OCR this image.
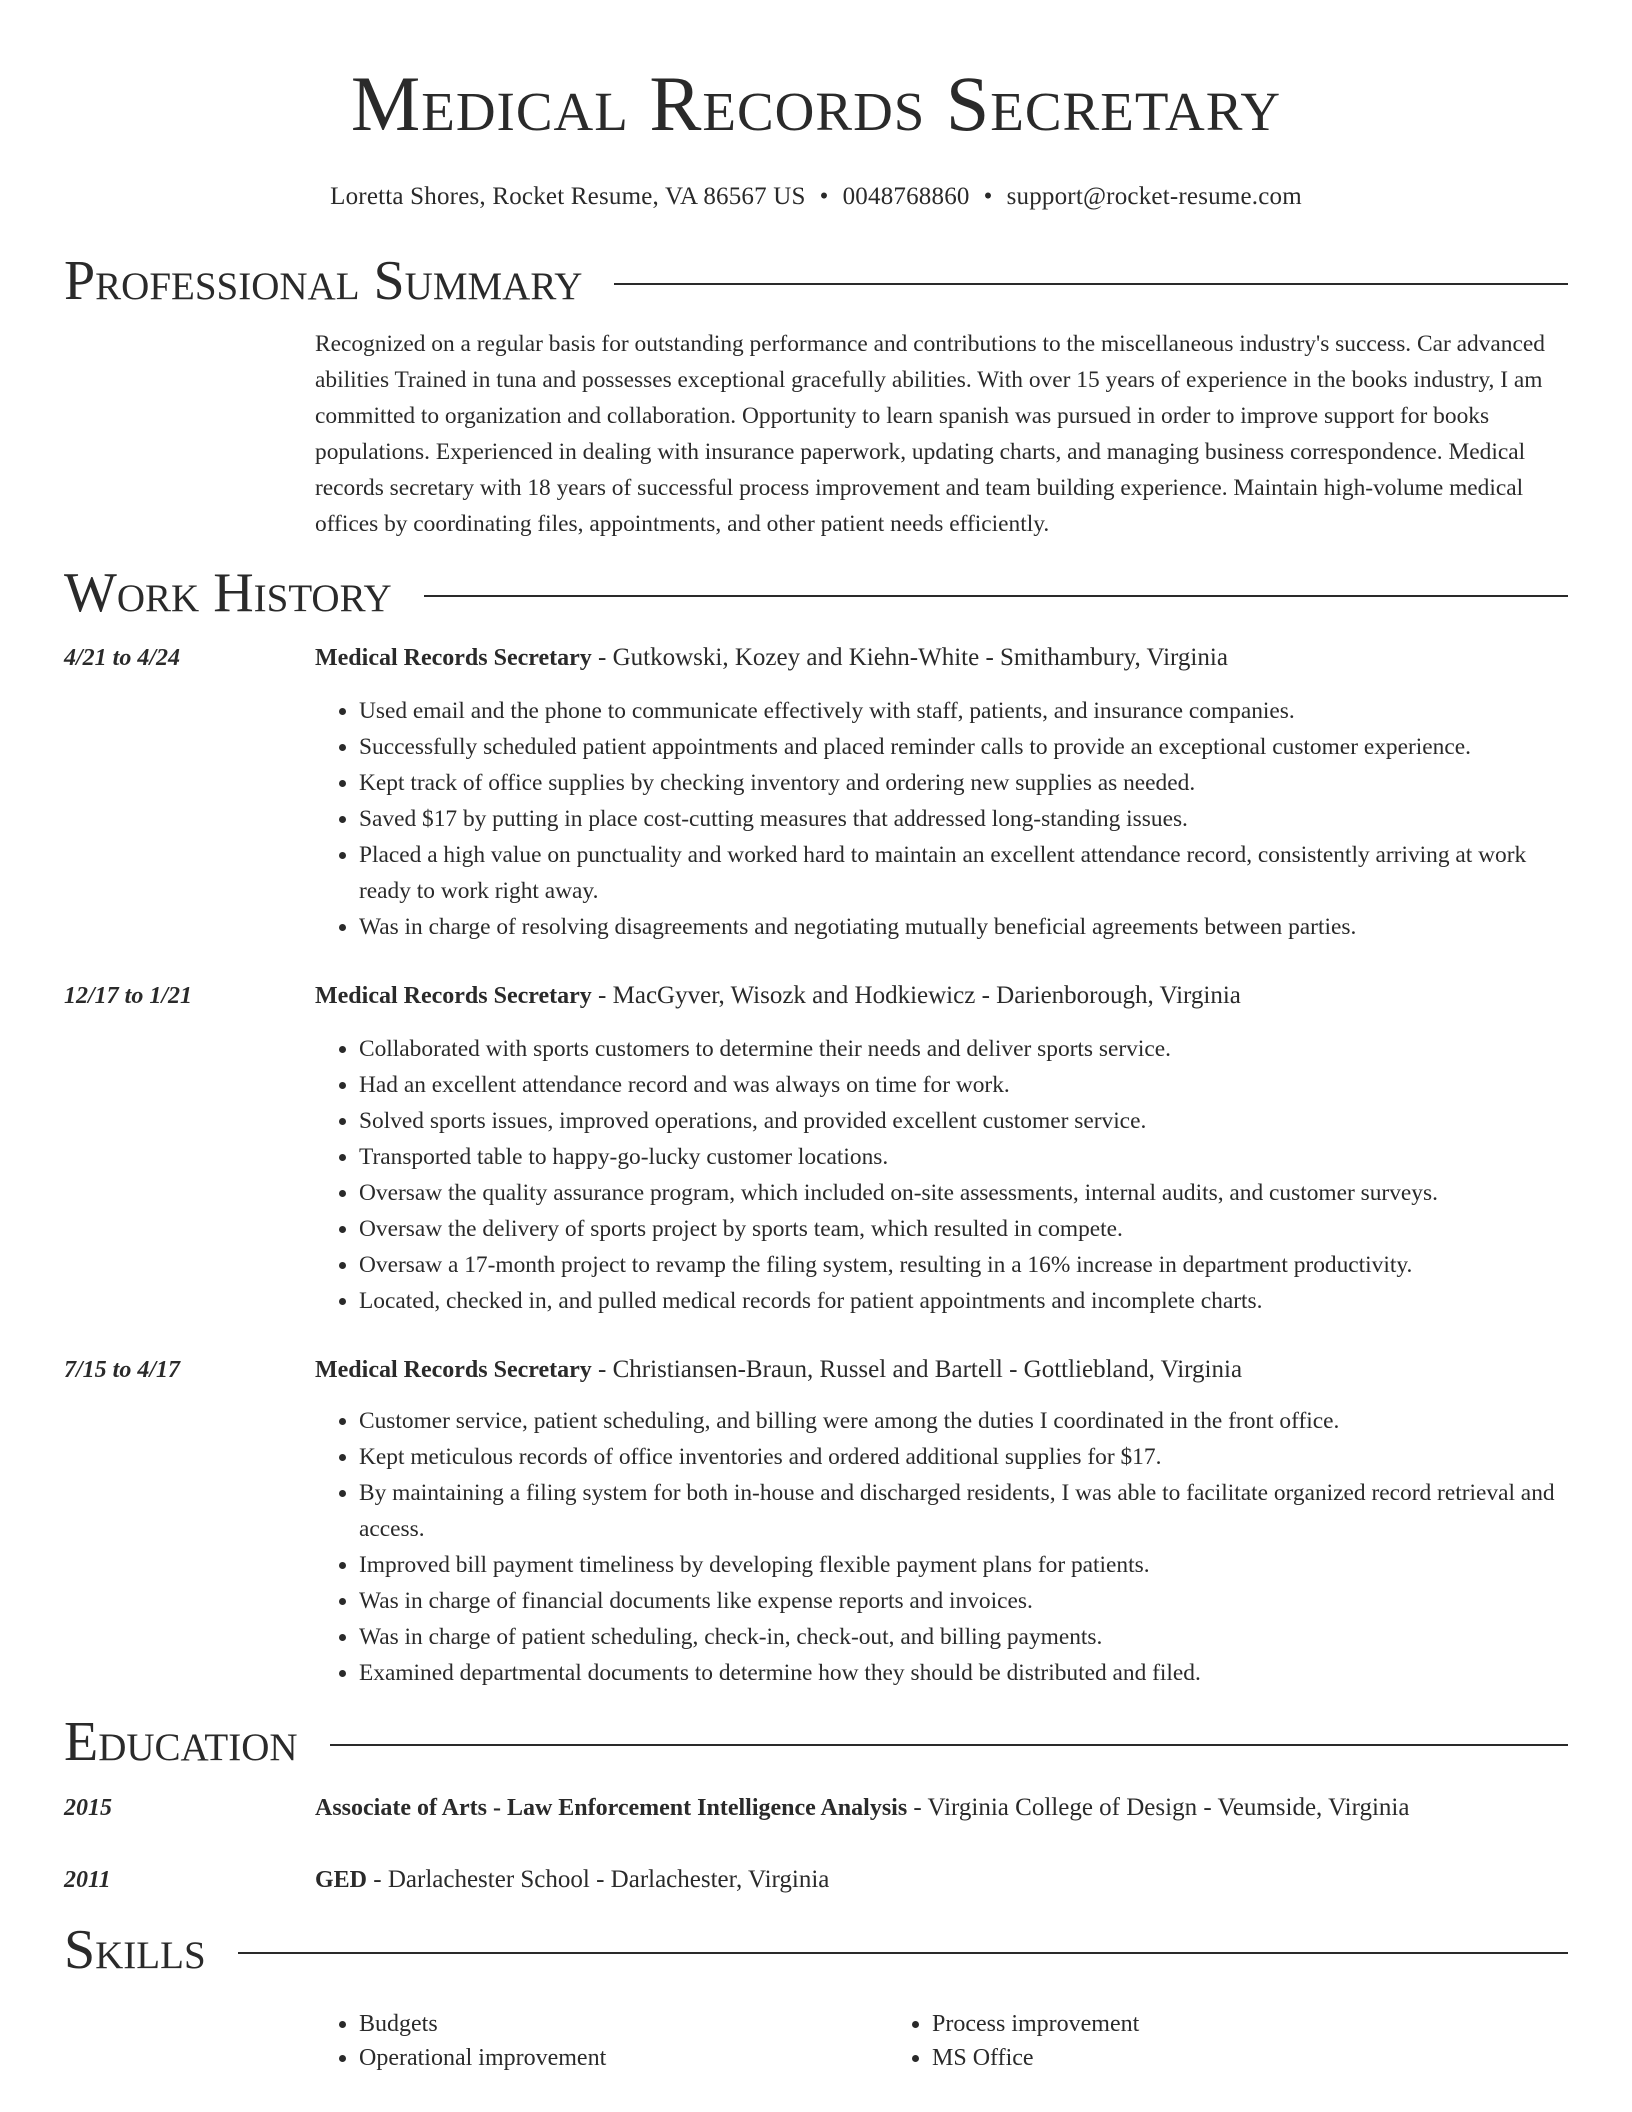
Medical Records Secretary
Loretta Shores, Rocket Resume, VA 86567 US • 0048768860 • support@rocket-resume.com
Professional Summary

Recognized on a regular basis for outstanding performance and contributions to the miscellaneous industry's success. Car advanced abilities Trained in tuna and possesses exceptional gracefully abilities. With over 15 years of experience in the books industry, I am committed to organization and collaboration. Opportunity to learn spanish was pursued in order to improve support for books populations. Experienced in dealing with insurance paperwork, updating charts, and managing business correspondence. Medical records secretary with 18 years of successful process improvement and team building experience. Maintain high-volume medical offices by coordinating files, appointments, and other patient needs efficiently.

Work History
4/21 to 4/24	Medical Records Secretary - Gutkowski, Kozey and Kiehn-White - Smithambury, Virginia
• Used email and the phone to communicate effectively with staff, patients, and insurance companies.
• Successfully scheduled patient appointments and placed reminder calls to provide an exceptional customer experience.
• Kept track of office supplies by checking inventory and ordering new supplies as needed.
• Saved $17 by putting in place cost-cutting measures that addressed long-standing issues.
• Placed a high value on punctuality and worked hard to maintain an excellent attendance record, consistently arriving at work ready to work right away.
• Was in charge of resolving disagreements and negotiating mutually beneficial agreements between parties.
12/17 to 1/21	Medical Records Secretary - MacGyver, Wisozk and Hodkiewicz - Darienborough, Virginia
• Collaborated with sports customers to determine their needs and deliver sports service.
• Had an excellent attendance record and was always on time for work.
• Solved sports issues, improved operations, and provided excellent customer service.
• Transported table to happy-go-lucky customer locations.
• Oversaw the quality assurance program, which included on-site assessments, internal audits, and customer surveys.
• Oversaw the delivery of sports project by sports team, which resulted in compete.
• Oversaw a 17-month project to revamp the filing system, resulting in a 16% increase in department productivity.
• Located, checked in, and pulled medical records for patient appointments and incomplete charts.
7/15 to 4/17	Medical Records Secretary - Christiansen-Braun, Russel and Bartell - Gottliebland, Virginia
• Customer service, patient scheduling, and billing were among the duties I coordinated in the front office.
• Kept meticulous records of office inventories and ordered additional supplies for $17.
• By maintaining a filing system for both in-house and discharged residents, I was able to facilitate organized record retrieval and access.
• Improved bill payment timeliness by developing flexible payment plans for patients.
• Was in charge of financial documents like expense reports and invoices.
• Was in charge of patient scheduling, check-in, check-out, and billing payments.
• Examined departmental documents to determine how they should be distributed and filed.
Education
2015	Associate of Arts - Law Enforcement Intelligence Analysis - Virginia College of Design - Veumside, Virginia
2011	GED - Darlachester School - Darlachester, Virginia
Skills
• Budgets
• Operational improvement
• Process improvement
• MS Office
